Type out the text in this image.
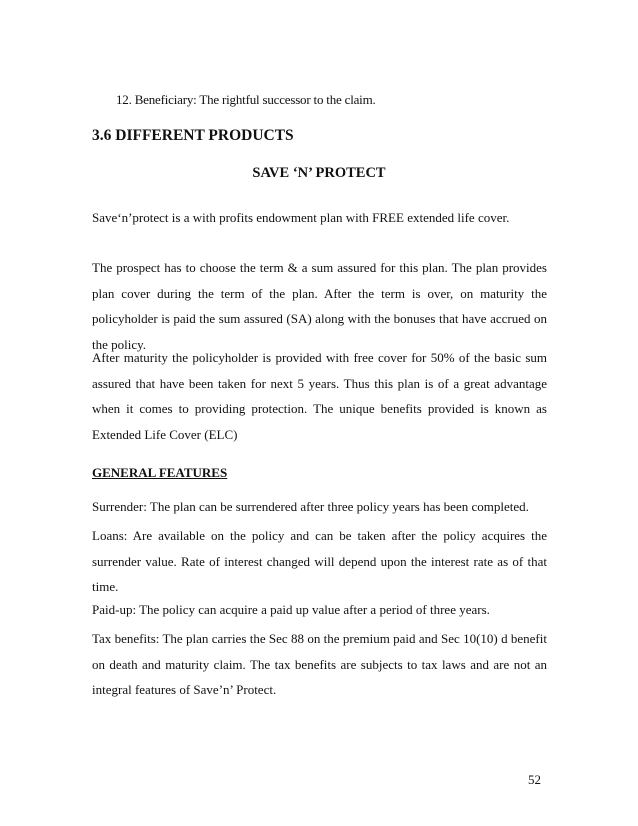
12. Beneficiary: The rightful successor to the claim.
3.6 DIFFERENT PRODUCTS
SAVE ‘N’ PROTECT

Save‘n’protect is a with profits endowment plan with FREE extended life cover.

The prospect has to choose the term & a sum assured for this plan. The plan provides plan cover during the term of the plan. After the term is over, on maturity the policyholder is paid the sum assured (SA) along with the bonuses that have accrued on the policy.

After maturity the policyholder is provided with free cover for 50% of the basic sum assured that have been taken for next 5 years. Thus this plan is of a great advantage when it comes to providing protection. The unique benefits provided is known as Extended Life Cover (ELC)

GENERAL FEATURES

Surrender: The plan can be surrendered after three policy years has been completed.

Loans: Are available on the policy and can be taken after the policy acquires the surrender value. Rate of interest changed will depend upon the interest rate as of that time.

Paid-up: The policy can acquire a paid up value after a period of three years.

Tax benefits: The plan carries the Sec 88 on the premium paid and Sec 10(10) d benefit on death and maturity claim. The tax benefits are subjects to tax laws and are not an integral features of Save’n’ Protect.

52
